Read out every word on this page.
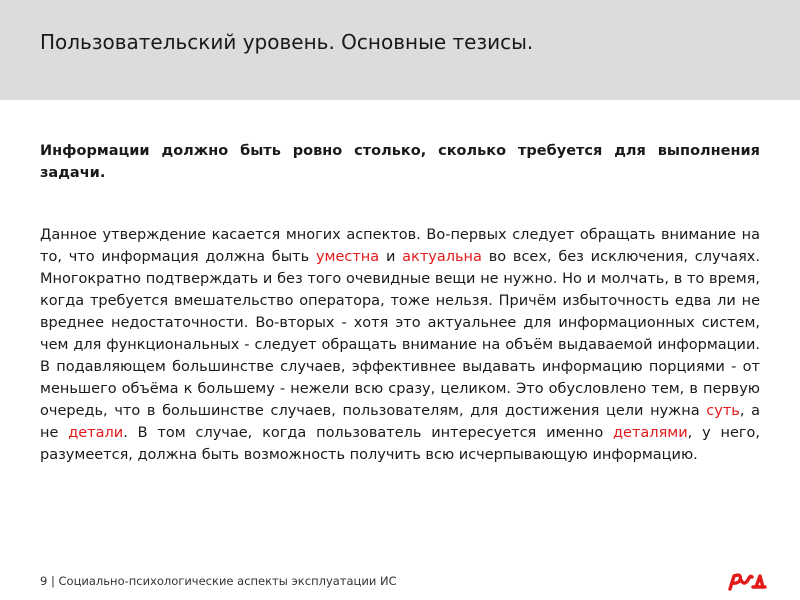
Пользовательский уровень. Основные тезисы.

Информации должно быть ровно столько, сколько требуется для выполнения задачи.

Данное утверждение касается многих аспектов. Во-первых следует обращать внимание на то, что информация должна быть уместна и актуальна во всех, без исключения, случаях. Многократно подтверждать и без того очевидные вещи не нужно. Но и молчать, в то время, когда требуется вмешательство оператора, тоже нельзя. Причём избыточность едва ли не вреднее недостаточности. Во-вторых - хотя это актуальнее для информационных систем, чем для функциональных - следует обращать внимание на объём выдаваемой информации. В подавляющем большинстве случаев, эффективнее выдавать информацию порциями - от меньшего объёма к большему - нежели всю сразу, целиком. Это обусловлено тем, в первую очередь, что в большинстве случаев, пользователям, для достижения цели нужна суть, а не детали. В том случае, когда пользователь интересуется именно деталями, у него, разумеется, должна быть возможность получить всю исчерпывающую информацию.

9 | Социально-психологические аспекты эксплуатации ИС
